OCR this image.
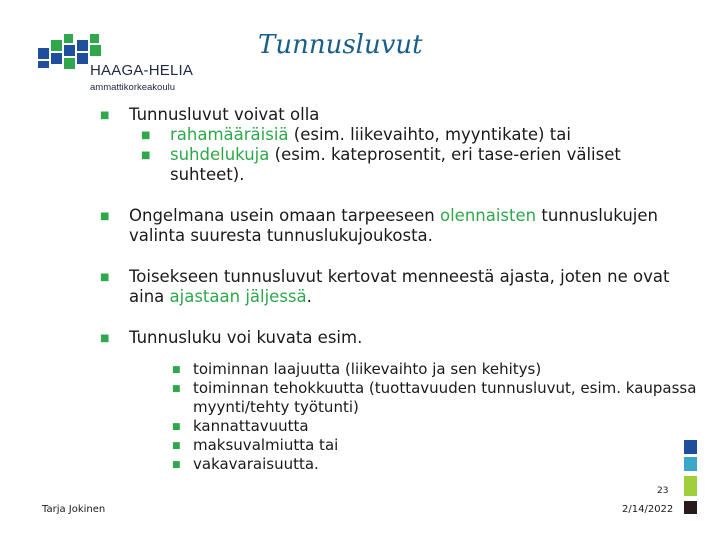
HAAGA-HELIA
ammattikorkeakoulu
Tunnusluvut
■ Tunnusluvut voivat olla
■ rahamääräisiä (esim. liikevaihto, myyntikate) tai
■ suhdelukuja (esim. kateprosentit, eri tase-erien väliset suhteet).
■ Ongelmana usein omaan tarpeeseen olennaisten tunnuslukujen valinta suuresta tunnuslukujoukosta.
■ Toisekseen tunnusluvut kertovat menneestä ajasta, joten ne ovat aina ajastaan jäljessä.
■ Tunnusluku voi kuvata esim.
■ toiminnan laajuutta (liikevaihto ja sen kehitys)
■ toiminnan tehokkuutta (tuottavuuden tunnusluvut, esim. kaupassa myynti/tehty työtunti)
■ kannattavuutta
■ maksuvalmiutta tai
■ vakavaraisuutta.
Tarja Jokinen
23
2/14/2022
